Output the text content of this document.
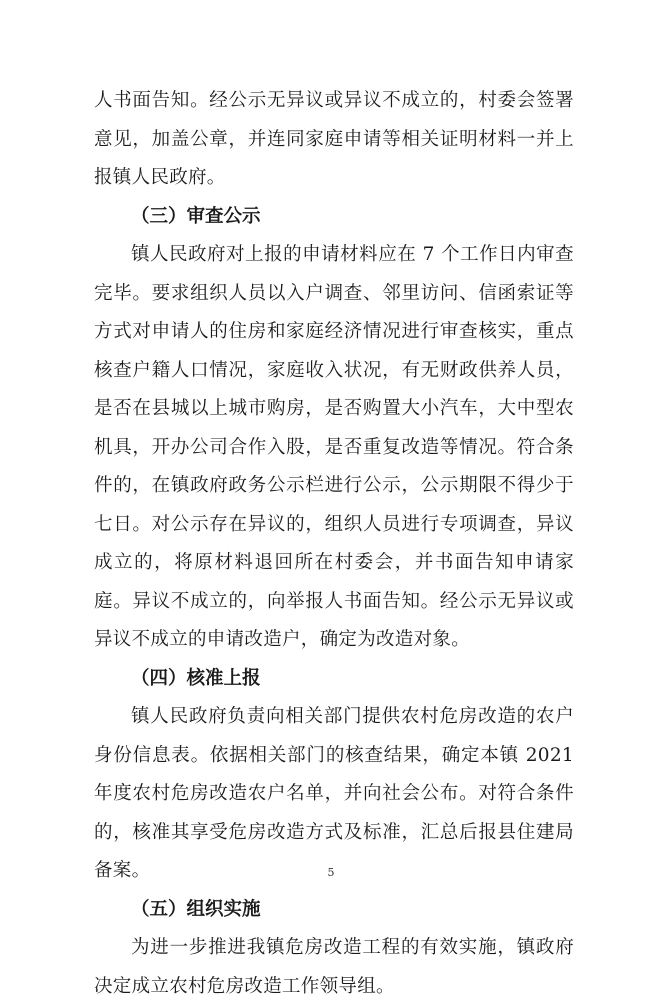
人书面告知。经公示无异议或异议不成立的，村委会签署意见，加盖公章，并连同家庭申请等相关证明材料一并上报镇人民政府。

（三）审查公示

镇人民政府对上报的申请材料应在 7 个工作日内审查完毕。要求组织人员以入户调查、邻里访问、信函索证等方式对申请人的住房和家庭经济情况进行审查核实，重点核查户籍人口情况，家庭收入状况，有无财政供养人员，是否在县城以上城市购房，是否购置大小汽车，大中型农机具，开办公司合作入股，是否重复改造等情况。符合条件的，在镇政府政务公示栏进行公示，公示期限不得少于七日。对公示存在异议的，组织人员进行专项调查，异议成立的，将原材料退回所在村委会，并书面告知申请家庭。异议不成立的，向举报人书面告知。经公示无异议或异议不成立的申请改造户，确定为改造对象。

（四）核准上报

镇人民政府负责向相关部门提供农村危房改造的农户身份信息表。依据相关部门的核查结果，确定本镇 2021 年度农村危房改造农户名单，并向社会公布。对符合条件的，核准其享受危房改造方式及标准，汇总后报县住建局备案。

（五）组织实施

为进一步推进我镇危房改造工程的有效实施，镇政府决定成立农村危房改造工作领导组。

5
